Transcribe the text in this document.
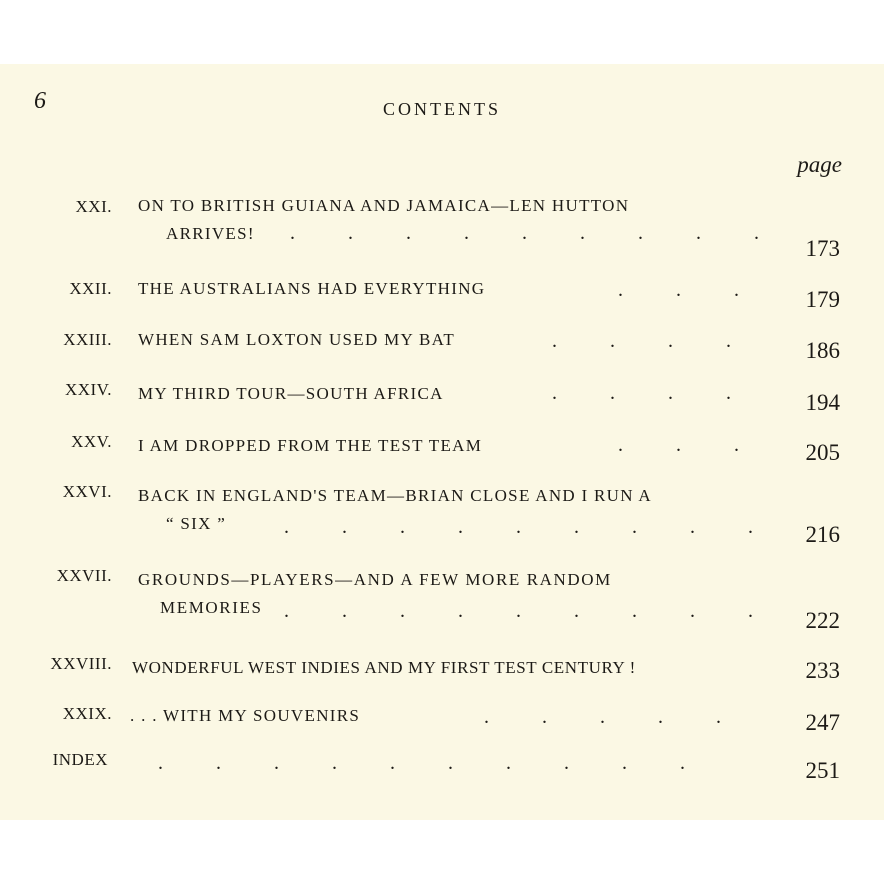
6	CONTENTS
page
XXI. ON TO BRITISH GUIANA AND JAMAICA—LEN HUTTON
ARRIVES!	. . . . . . . . .
173
XXII. THE AUSTRALIANS HAD EVERYTHING	. . .	179
XXIII. WHEN SAM LOXTON USED MY BAT	. . . .	186
XXIV. MY THIRD TOUR—SOUTH AFRICA	. . . .	194
XXV. I AM DROPPED FROM THE TEST TEAM	. . .	205
XXVI. BACK IN ENGLAND'S TEAM—BRIAN CLOSE AND I RUN A
“ SIX ”	. . . . . . . . .	216
XXVII. GROUNDS—PLAYERS—AND A FEW MORE RANDOM
MEMORIES	. . . . . . . . .	222
XXVIII. WONDERFUL WEST INDIES AND MY FIRST TEST CENTURY !	233
XXIX. . . . WITH MY SOUVENIRS	. . . . .	247
INDEX	. . . . . . . . . .	251
